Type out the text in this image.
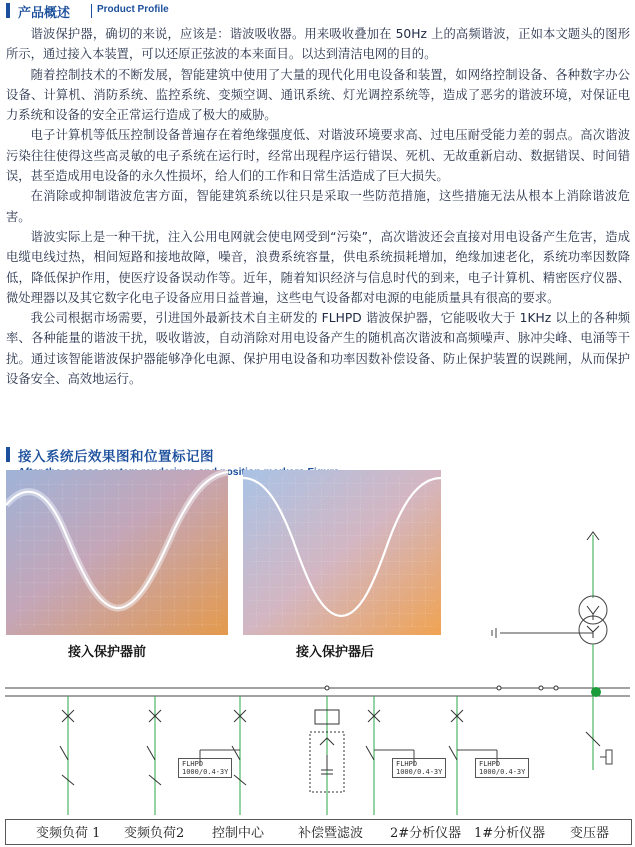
产品概述	Product Profile

谐波保护器，确切的来说，应该是：谐波吸收器。用来吸收叠加在 50Hz 上的高频谐波，正如本文题头的图形所示，通过接入本装置，可以还原正弦波的本来面目。以达到清洁电网的目的。

随着控制技术的不断发展，智能建筑中使用了大量的现代化用电设备和装置，如网络控制设备、各种数字办公设备、计算机、消防系统、监控系统、变频空调、通讯系统、灯光调控系统等，造成了恶劣的谐波环境，对保证电力系统和设备的安全正常运行造成了极大的威胁。

电子计算机等低压控制设备普遍存在着绝缘强度低、对谐波环境要求高、过电压耐受能力差的弱点。高次谐波污染往往使得这些高灵敏的电子系统在运行时，经常出现程序运行错误、死机、无故重新启动、数据错误、时间错误，甚至造成用电设备的永久性损坏，给人们的工作和日常生活造成了巨大损失。

在消除或抑制谐波危害方面，智能建筑系统以往只是采取一些防范措施，这些措施无法从根本上消除谐波危害。

谐波实际上是一种干扰，注入公用电网就会使电网受到“污染”，高次谐波还会直接对用电设备产生危害，造成电缆电线过热，相间短路和接地故障，噪音，浪费系统容量，供电系统损耗增加，绝缘加速老化，系统功率因数降低，降低保护作用，使医疗设备误动作等。近年，随着知识经济与信息时代的到来，电子计算机、精密医疗仪器、微处理器以及其它数字化电子设备应用日益普遍，这些电气设备都对电源的电能质量具有很高的要求。

我公司根据市场需要，引进国外最新技术自主研发的 FLHPD 谐波保护器，它能吸收大于 1KHz 以上的各种频率、各种能量的谐波干扰，吸收谐波，自动消除对用电设备产生的随机高次谐波和高频噪声、脉冲尖峰、电涌等干扰。通过该智能谐波保护器能够净化电源、保护用电设备和功率因数补偿设备、防止保护装置的误跳闸，从而保护设备安全、高效地运行。

接入系统后效果图和位置标记图
position
接入保护器前	接入保护器后
FLHPD
1000/0.4-3Y
FLHPD
1000/0.4-3Y
FLHPD
1000/0.4-3Y
变频负荷 1 变频负荷2 控制中心	补偿暨滤波 2#分析仪器 1#分析仪器 变压器
